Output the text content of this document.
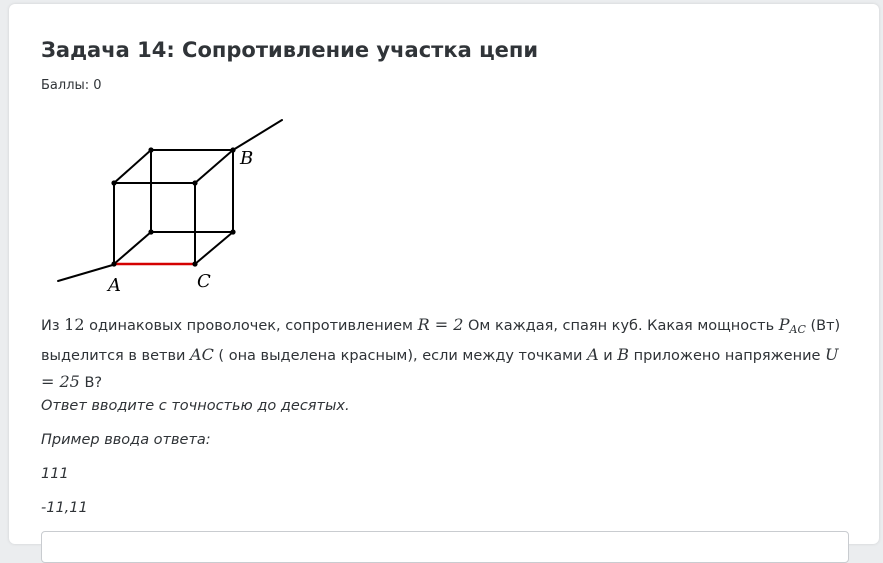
Задача 14: Сопротивление участка цепи
Баллы: 0
A	C
B
Из 12 одинаковых проволочек, сопротивлением R = 2 Ом каждая, спаян куб. Какая мощность $P_{AC}$ (Вт) выделится в ветви AC ( она выделена красным), если между точками A и B приложено напряжение U = 25 В?
Ответ вводите с точностью до десятых.
Пример ввода ответа:
111
-11,11
